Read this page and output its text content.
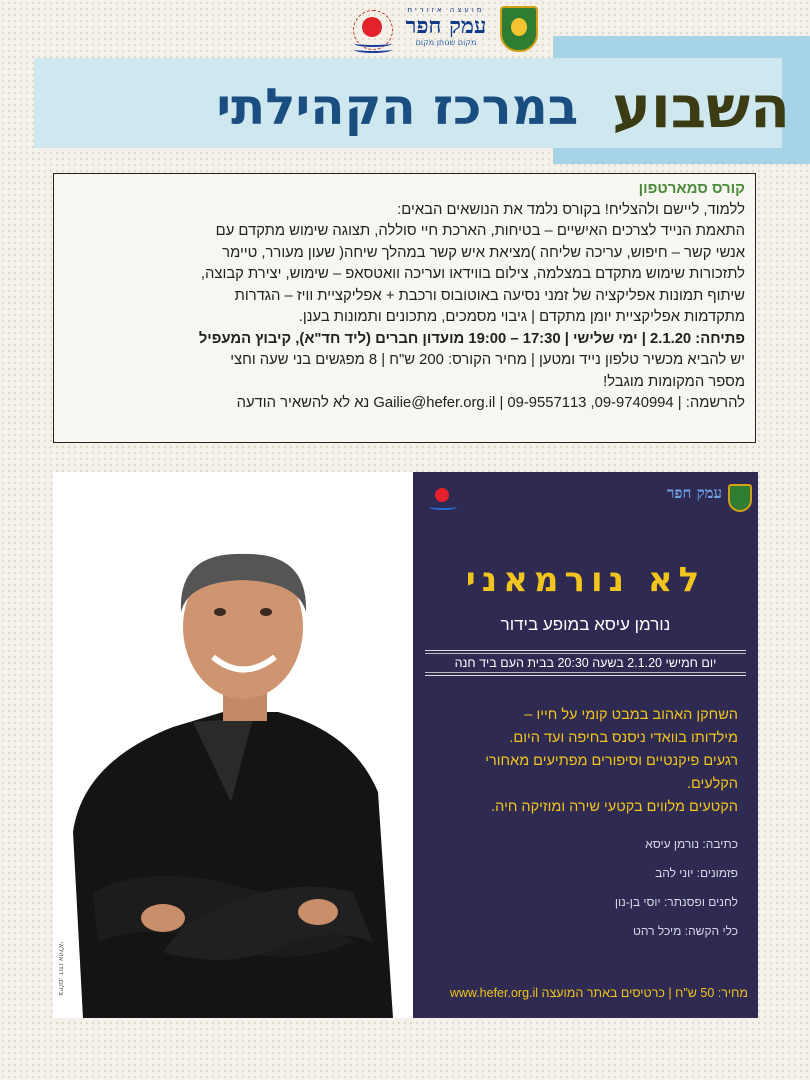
מועצה אזורית
עמק חפר
מקום שנותן מקום
השבוע
במרכז הקהילתי

קורס סמארטפון

ללמוד, ליישם ולהצליח! בקורס נלמד את הנושאים הבאים:

התאמת הנייד לצרכים האישיים – בטיחות, הארכת חיי סוללה, תצוגה שימוש מתקדם עם

אנשי קשר – חיפוש, עריכה שליחה )מציאת איש קשר במהלך שיחה( שעון מעורר, טיימר

לתזכורות שימוש מתקדם במצלמה, צילום בווידאו ועריכה וואטסאפ – שימוש, יצירת קבוצה,

שיתוף תמונות אפליקציה של זמני נסיעה באוטובוס ורכבת + אפליקציית וויז – הגדרות

מתקדמות אפליקציית יומן מתקדם | גיבוי מסמכים, מתכונים ותמונות בענן.

פתיחה: 2.1.20 | ימי שלישי | 17:30 – 19:00 מועדון חברים (ליד חד"א), קיבוץ המעפיל

יש להביא מכשיר טלפון נייד ומטען | מחיר הקורס: 200 ש"ח | 8 מפגשים בני שעה וחצי

מספר המקומות מוגבל!

להרשמה: | 09-9740994, 09-9557113 | Gailie@hefer.org.il נא לא להשאיר הודעה

צילום: דודו אזולאי
עמק חפר
לא נורמאני
נורמן עיסא במופע בידור
יום חמישי 2.1.20 בשעה 20:30 בבית העם ביד חנה
השחקן האהוב במבט קומי על חייו –
מילדותו בוואדי ניסנס בחיפה ועד היום.
רגעים פיקנטיים וסיפורים מפתיעים מאחורי
הקלעים.
הקטעים מלווים בקטעי שירה ומוזיקה חיה.
כתיבה: נורמן עיסא
פזמונים: יוני להב
לחנים ופסנתר: יוסי בן-נון
כלי הקשה: מיכל רהט
מחיר: 50 ש"ח | כרטיסים באתר המועצה www.hefer.org.il
